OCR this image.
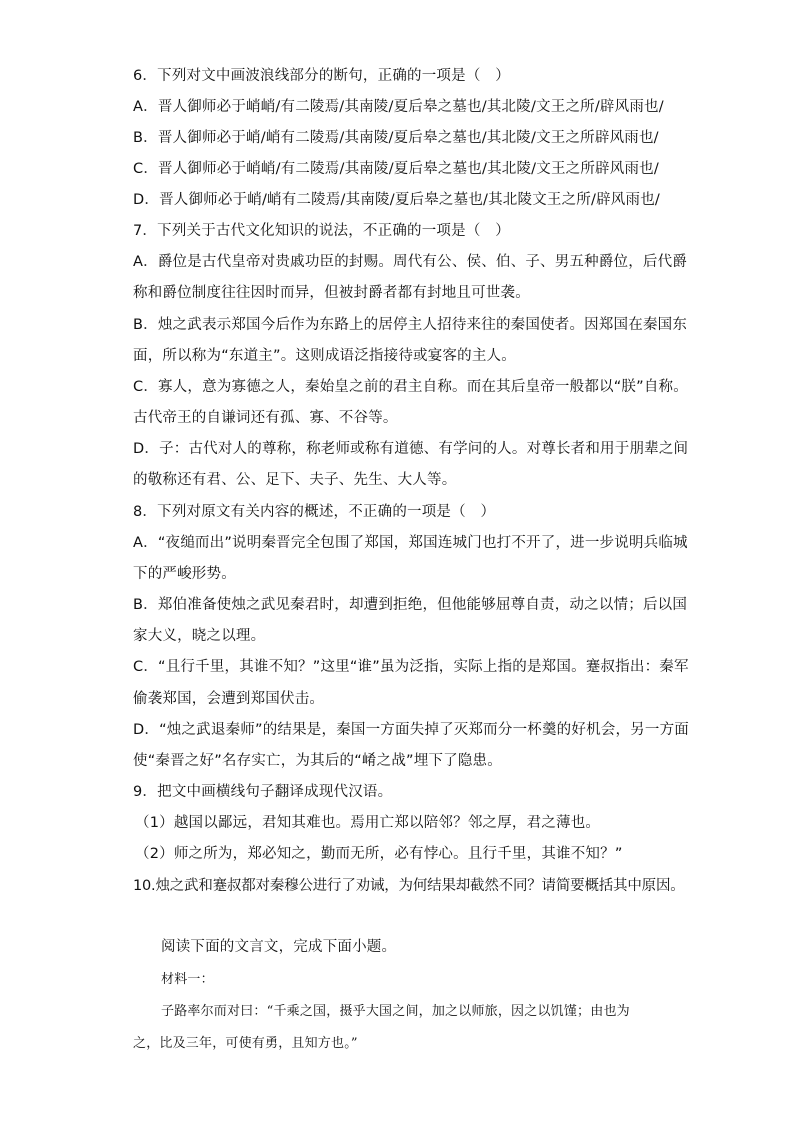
6．下列对文中画波浪线部分的断句，正确的一项是（　）
A．晋人御师必于峭峭/有二陵焉/其南陵/夏后皋之墓也/其北陵/文王之所/辟风雨也/
B．晋人御师必于峭/峭有二陵焉/其南陵/夏后皋之墓也/其北陵/文王之所辟风雨也/
C．晋人御师必于峭峭/有二陵焉/其南陵/夏后皋之墓也/其北陵/文王之所辟风雨也/
D．晋人御师必于峭/峭有二陵焉/其南陵/夏后皋之墓也/其北陵文王之所/辟风雨也/
7．下列关于古代文化知识的说法，不正确的一项是（　）
A．爵位是古代皇帝对贵戚功臣的封赐。周代有公、侯、伯、子、男五种爵位，后代爵
称和爵位制度往往因时而异，但被封爵者都有封地且可世袭。
B．烛之武表示郑国今后作为东路上的居停主人招待来往的秦国使者。因郑国在秦国东
面，所以称为“东道主”。这则成语泛指接待或宴客的主人。
C．寡人，意为寡德之人，秦始皇之前的君主自称。而在其后皇帝一般都以“朕”自称。
古代帝王的自谦词还有孤、寡、不谷等。
D．子：古代对人的尊称，称老师或称有道德、有学问的人。对尊长者和用于朋辈之间
的敬称还有君、公、足下、夫子、先生、大人等。
8．下列对原文有关内容的概述，不正确的一项是（　）
A．“夜缒而出”说明秦晋完全包围了郑国，郑国连城门也打不开了，进一步说明兵临城
下的严峻形势。
B．郑伯准备使烛之武见秦君时，却遭到拒绝，但他能够屈尊自责，动之以情；后以国
家大义，晓之以理。
C．“且行千里，其谁不知？”这里“谁”虽为泛指，实际上指的是郑国。蹇叔指出：秦军
偷袭郑国，会遭到郑国伏击。
D．“烛之武退秦师”的结果是，秦国一方面失掉了灭郑而分一杯羹的好机会，另一方面
使“秦晋之好”名存实亡，为其后的“崤之战”埋下了隐患。
9．把文中画横线句子翻译成现代汉语。
（1）越国以鄙远，君知其难也。焉用亡郑以陪邻？邻之厚，君之薄也。
（2）师之所为，郑必知之，勤而无所，必有悖心。且行千里，其谁不知？”
10.烛之武和蹇叔都对秦穆公进行了劝诫，为何结果却截然不同？请简要概括其中原因。
阅读下面的文言文，完成下面小题。
材料一：
子路率尔而对曰：“千乘之国，摄乎大国之间，加之以师旅，因之以饥馑；由也为
之，比及三年，可使有勇，且知方也。”
